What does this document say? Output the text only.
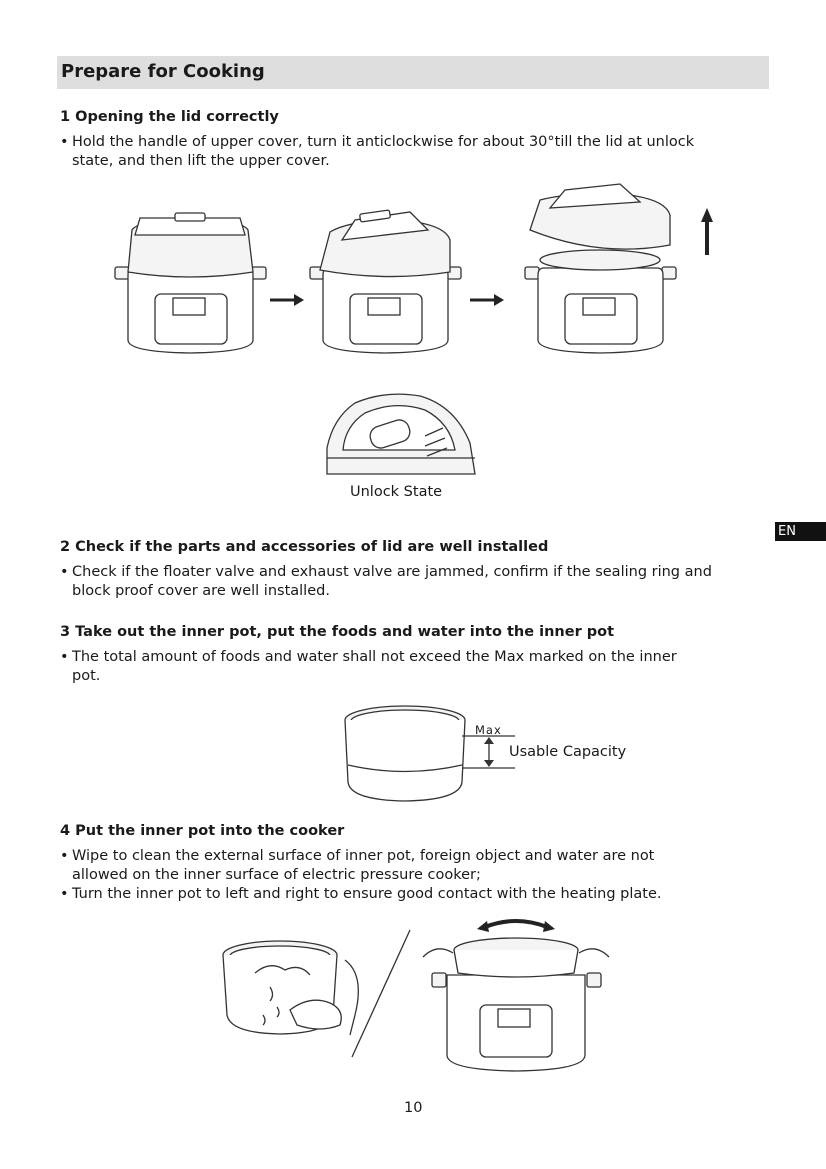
Prepare for Cooking
1 Opening the lid correctly
• Hold the handle of upper cover, turn it anticlockwise for about 30°till the lid at unlock
state, and then lift the upper cover.
Unlock State
EN
2 Check if the parts and accessories of lid are well installed
• Check if the floater valve and exhaust valve are jammed, confirm if the sealing ring and
block proof cover are well installed.
3 Take out the inner pot, put the foods and water into the inner pot
• The total amount of foods and water shall not exceed the Max marked on the inner
pot.
Max
Usable Capacity
4 Put the inner pot into the cooker
• Wipe to clean the external surface of inner pot, foreign object and water are not
allowed on the inner surface of electric pressure cooker;
• Turn the inner pot to left and right to ensure good contact with the heating plate.
10
